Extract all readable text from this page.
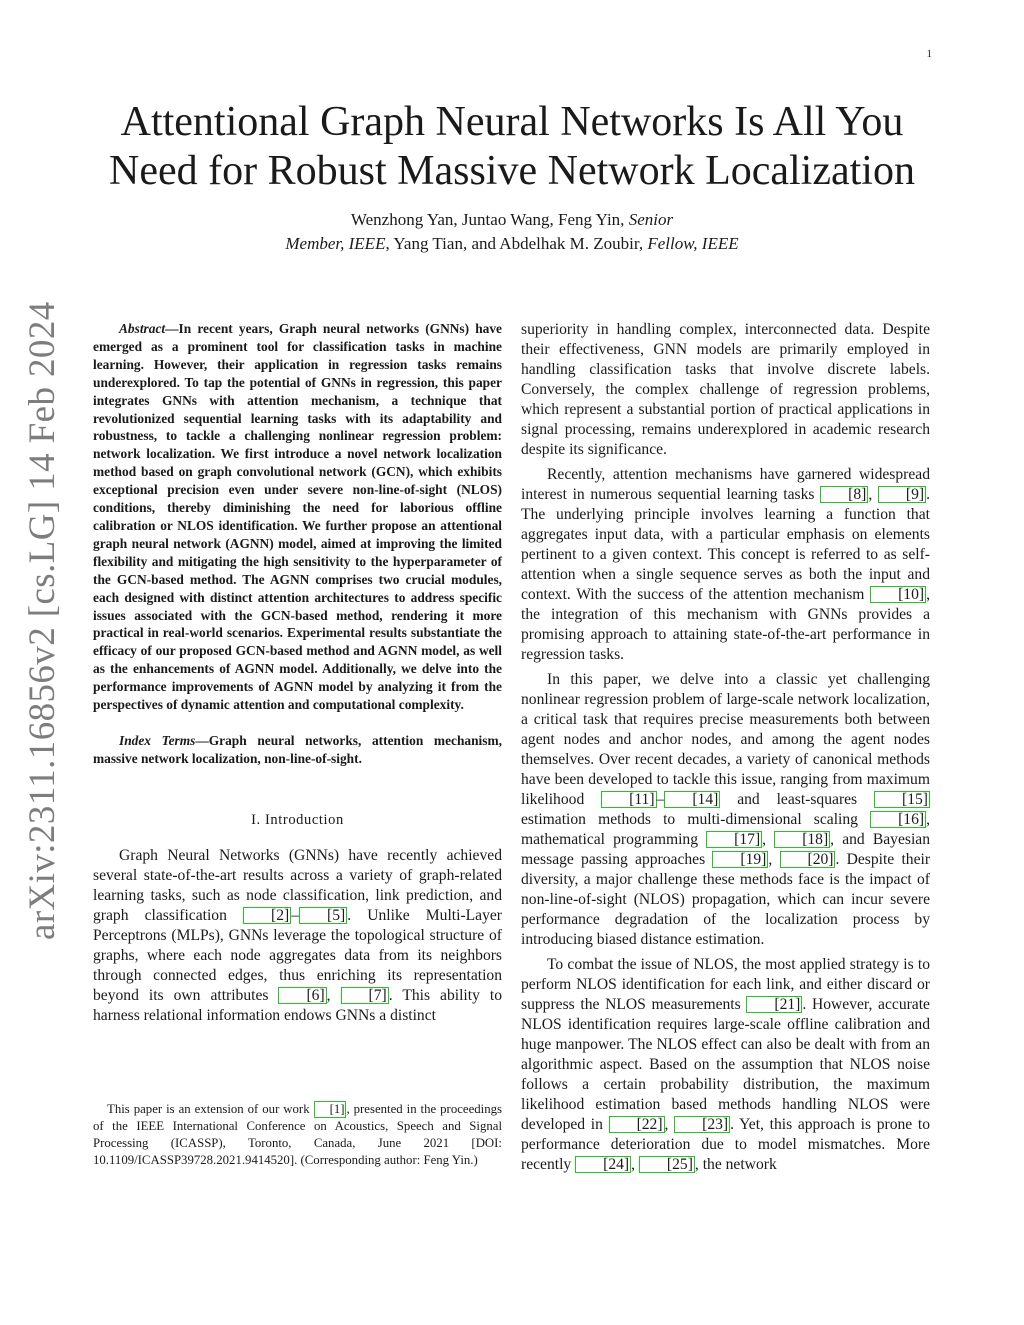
1
arXiv:2311.16856v2 [cs.LG] 14 Feb 2024
Attentional Graph Neural Networks Is All You Need for Robust Massive Network Localization
Wenzhong Yan, Juntao Wang, Feng Yin, Senior
Member, IEEE, Yang Tian, and Abdelhak M. Zoubir, Fellow, IEEE

Abstract—In recent years, Graph neural networks (GNNs) have emerged as a prominent tool for classification tasks in machine learning. However, their application in regression tasks remains underexplored. To tap the potential of GNNs in regression, this paper integrates GNNs with attention mechanism, a technique that revolutionized sequential learning tasks with its adaptability and robustness, to tackle a challenging nonlinear regression problem: network localization. We first introduce a novel network localization method based on graph convolutional network (GCN), which exhibits exceptional precision even under severe non-line-of-sight (NLOS) conditions, thereby diminishing the need for laborious offline calibration or NLOS identification. We further propose an attentional graph neural network (AGNN) model, aimed at improving the limited flexibility and mitigating the high sensitivity to the hyperparameter of the GCN-based method. The AGNN comprises two crucial modules, each designed with distinct attention architectures to address specific issues associated with the GCN-based method, rendering it more practical in real-world scenarios. Experimental results substantiate the efficacy of our proposed GCN-based method and AGNN model, as well as the enhancements of AGNN model. Additionally, we delve into the performance improvements of AGNN model by analyzing it from the perspectives of dynamic attention and computational complexity.

Index Terms—Graph neural networks, attention mechanism, massive network localization, non-line-of-sight.

I. Introduction

Graph Neural Networks (GNNs) have recently achieved several state-of-the-art results across a variety of graph-related learning tasks, such as node classification, link prediction, and graph classification [2] – [5] . Unlike Multi-Layer Perceptrons (MLPs), GNNs leverage the topological structure of graphs, where each node aggregates data from its neighbors through connected edges, thus enriching its representation beyond its own attributes [6] , [7] . This ability to harness relational information endows GNNs a distinct

This paper is an extension of our work [1] , presented in the proceedings of the IEEE International Conference on Acoustics, Speech and Signal Processing (ICASSP), Toronto, Canada, June 2021 [DOI: 10.1109/ICASSP39728.2021.9414520]. (Corresponding author: Feng Yin.)

superiority in handling complex, interconnected data. Despite their effectiveness, GNN models are primarily employed in handling classification tasks that involve discrete labels. Conversely, the complex challenge of regression problems, which represent a substantial portion of practical applications in signal processing, remains underexplored in academic research despite its significance.

Recently, attention mechanisms have garnered widespread interest in numerous sequential learning tasks [8] , [9] . The underlying principle involves learning a function that aggregates input data, with a particular emphasis on elements pertinent to a given context. This concept is referred to as self-attention when a single sequence serves as both the input and context. With the success of the attention mechanism [10] , the integration of this mechanism with GNNs provides a promising approach to attaining state-of-the-art performance in regression tasks.

In this paper, we delve into a classic yet challenging nonlinear regression problem of large-scale network localization, a critical task that requires precise measurements both between agent nodes and anchor nodes, and among the agent nodes themselves. Over recent decades, a variety of canonical methods have been developed to tackle this issue, ranging from maximum likelihood [11] – [14] and least-squares [15] estimation methods to multi-dimensional scaling [16] , mathematical programming [17] , [18] , and Bayesian message passing approaches [19] , [20] . Despite their diversity, a major challenge these methods face is the impact of non-line-of-sight (NLOS) propagation, which can incur severe performance degradation of the localization process by introducing biased distance estimation.

To combat the issue of NLOS, the most applied strategy is to perform NLOS identification for each link, and either discard or suppress the NLOS measurements [21] . However, accurate NLOS identification requires large-scale offline calibration and huge manpower. The NLOS effect can also be dealt with from an algorithmic aspect. Based on the assumption that NLOS noise follows a certain probability distribution, the maximum likelihood estimation based methods handling NLOS were developed in [22] , [23] . Yet, this approach is prone to performance deterioration due to model mismatches. More recently [24] , [25] , the network
